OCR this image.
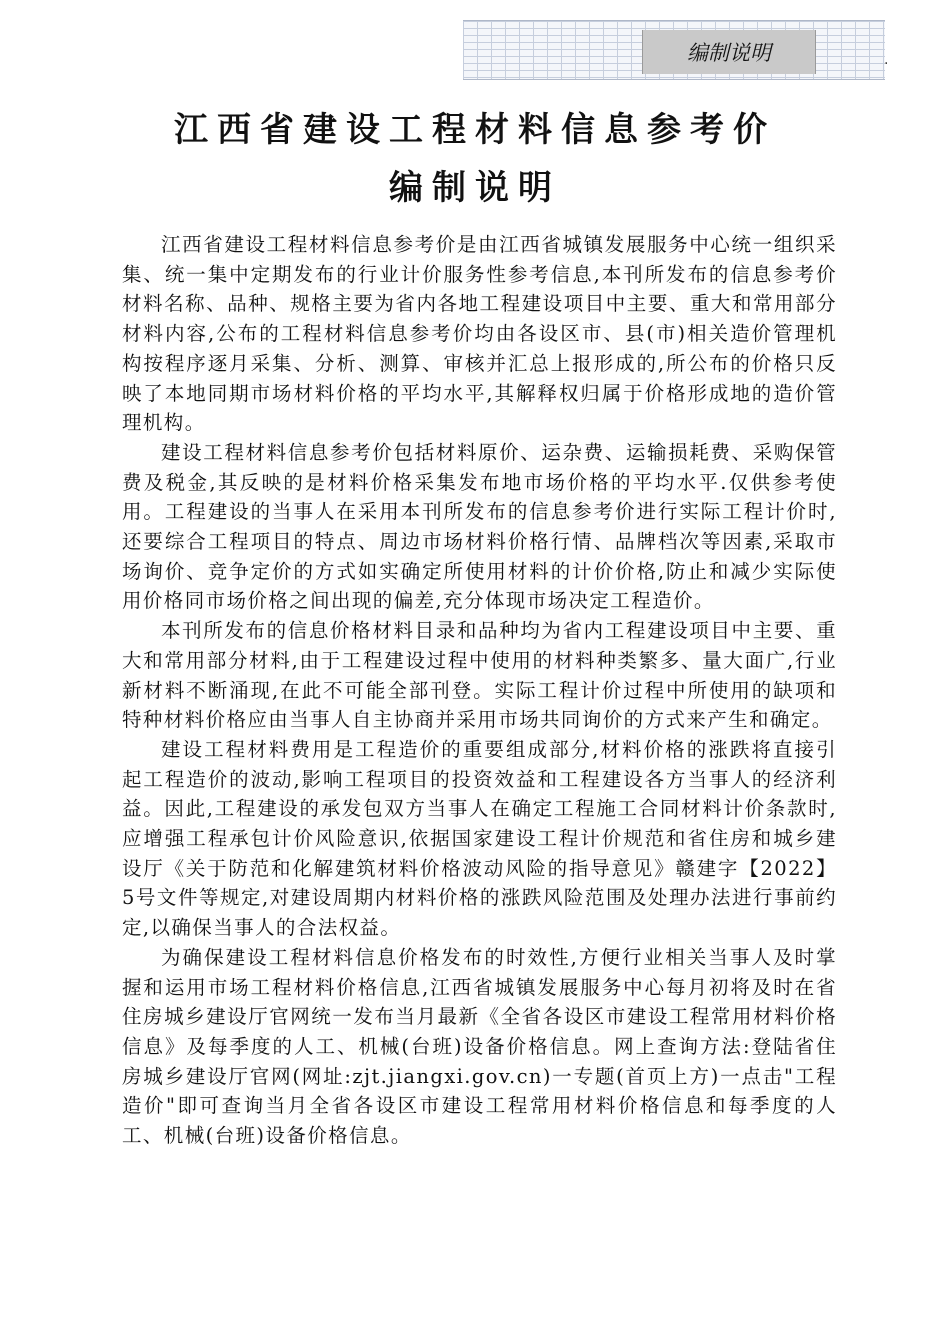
编制说明	.
江西省建设工程材料信息参考价
编制说明

江西省建设工程材料信息参考价是由江西省城镇发展服务中心统一组织采集、统一集中定期发布的行业计价服务性参考信息,本刊所发布的信息参考价材料名称、品种、规格主要为省内各地工程建设项目中主要、重大和常用部分材料内容,公布的工程材料信息参考价均由各设区市、县(市)相关造价管理机构按程序逐月采集、分析、测算、审核并汇总上报形成的,所公布的价格只反映了本地同期市场材料价格的平均水平,其解释权归属于价格形成地的造价管理机构。

建设工程材料信息参考价包括材料原价、运杂费、运输损耗费、采购保管费及税金,其反映的是材料价格采集发布地市场价格的平均水平.仅供参考使用。工程建设的当事人在采用本刊所发布的信息参考价进行实际工程计价时,还要综合工程项目的特点、周边市场材料价格行情、品牌档次等因素,采取市场询价、竞争定价的方式如实确定所使用材料的计价价格,防止和减少实际使用价格同市场价格之间出现的偏差,充分体现市场决定工程造价。

本刊所发布的信息价格材料目录和品种均为省内工程建设项目中主要、重大和常用部分材料,由于工程建设过程中使用的材料种类繁多、量大面广,行业新材料不断涌现,在此不可能全部刊登。实际工程计价过程中所使用的缺项和特种材料价格应由当事人自主协商并采用市场共同询价的方式来产生和确定。

建设工程材料费用是工程造价的重要组成部分,材料价格的涨跌将直接引起工程造价的波动,影响工程项目的投资效益和工程建设各方当事人的经济利益。因此,工程建设的承发包双方当事人在确定工程施工合同材料计价条款时,应增强工程承包计价风险意识,依据国家建设工程计价规范和省住房和城乡建设厅《关于防范和化解建筑材料价格波动风险的指导意见》赣建字【2022】5号文件等规定,对建设周期内材料价格的涨跌风险范围及处理办法进行事前约定,以确保当事人的合法权益。

为确保建设工程材料信息价格发布的时效性,方便行业相关当事人及时掌握和运用市场工程材料价格信息,江西省城镇发展服务中心每月初将及时在省住房城乡建设厅官网统一发布当月最新《全省各设区市建设工程常用材料价格信息》及每季度的人工、机械(台班)设备价格信息。网上查询方法:登陆省住房城乡建设厅官网(网址:zjt.jiangxi.gov.cn)一专题(首页上方)一点击"工程造价"即可查询当月全省各设区市建设工程常用材料价格信息和每季度的人工、机械(台班)设备价格信息。
